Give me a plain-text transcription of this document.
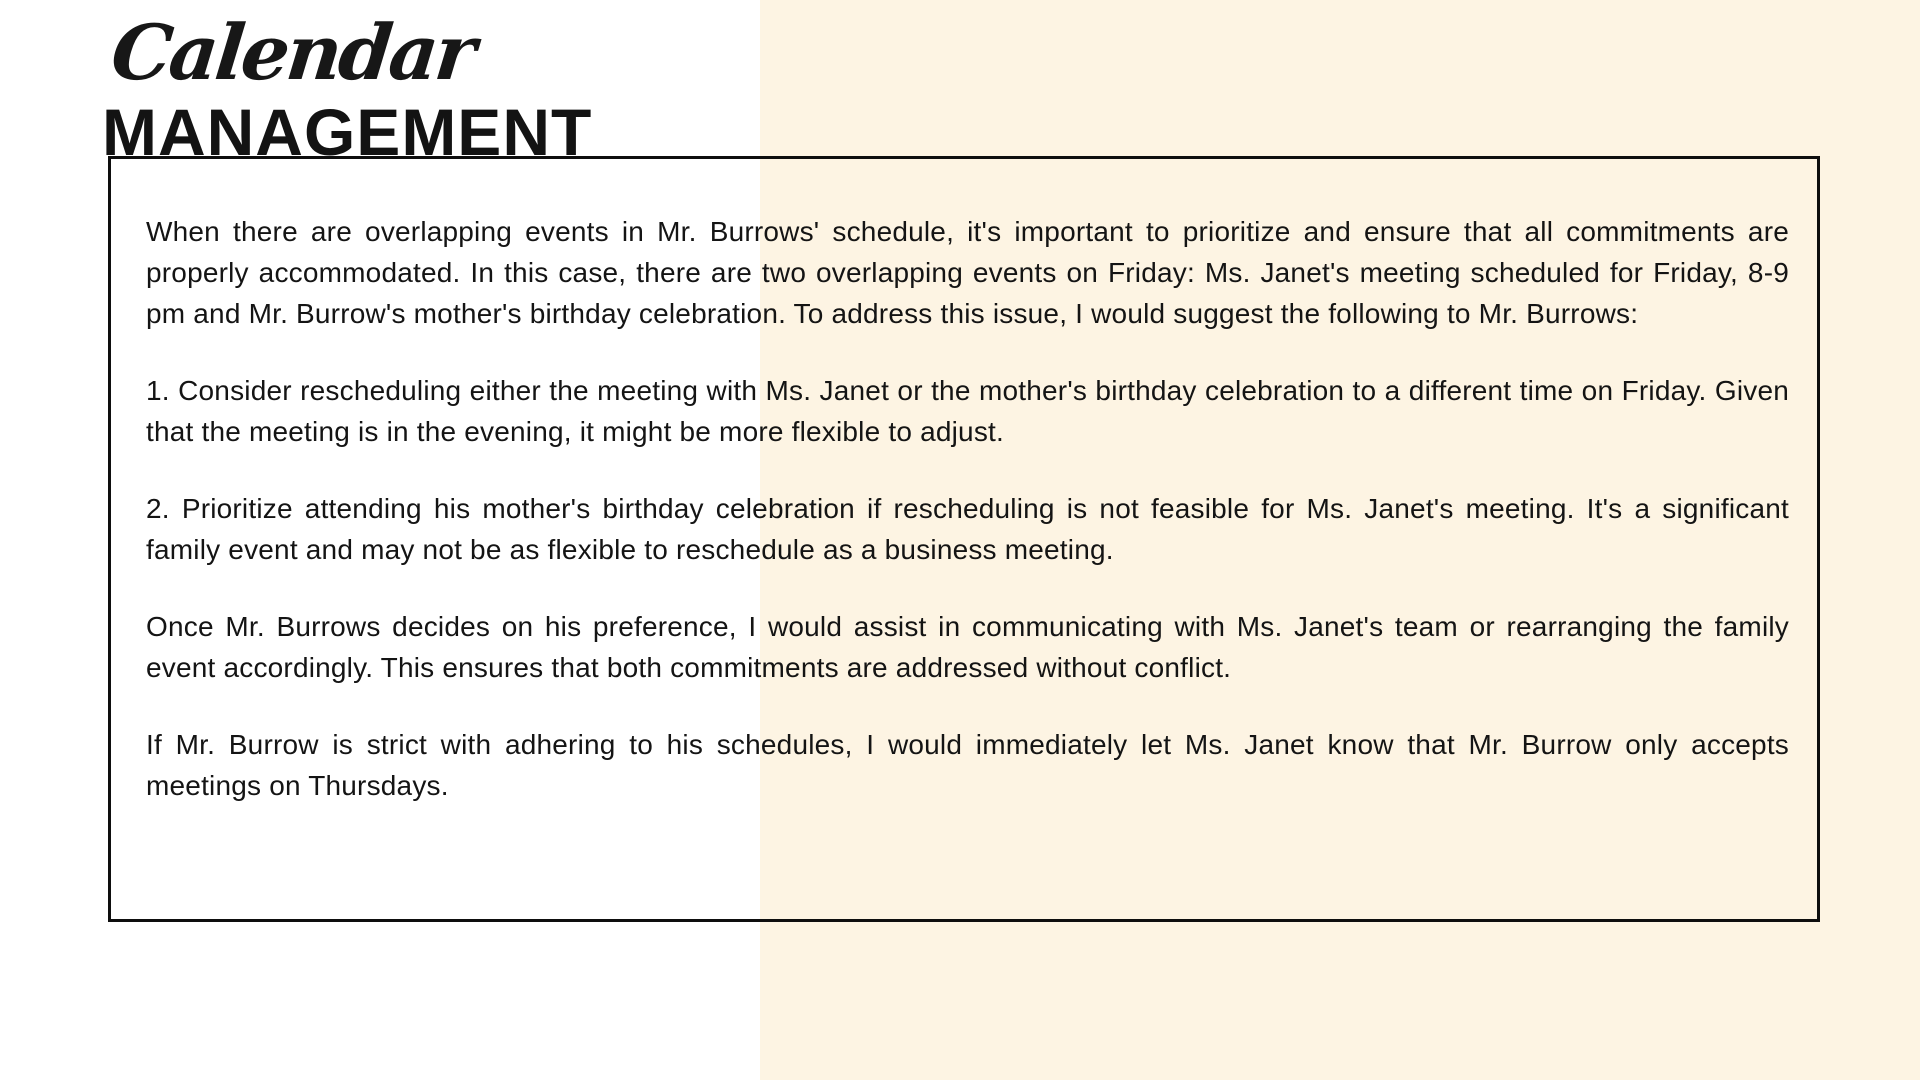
When there are overlapping events in Mr. Burrows' schedule, it's important to prioritize and ensure that all commitments are properly accommodated. In this case, there are two overlapping events on Friday: Ms. Janet's meeting scheduled for Friday, 8-9 pm and Mr. Burrow's mother's birthday celebration. To address this issue, I would suggest the following to Mr. Burrows:

1. Consider rescheduling either the meeting with Ms. Janet or the mother's birthday celebration to a different time on Friday. Given that the meeting is in the evening, it might be more flexible to adjust.

2. Prioritize attending his mother's birthday celebration if rescheduling is not feasible for Ms. Janet's meeting. It's a significant family event and may not be as flexible to reschedule as a business meeting.

Once Mr. Burrows decides on his preference, I would assist in communicating with Ms. Janet's team or rearranging the family event accordingly. This ensures that both commitments are addressed without conflict.

If Mr. Burrow is strict with adhering to his schedules, I would immediately let Ms. Janet know that Mr. Burrow only accepts meetings on Thursdays.

Calendar
MANAGEMENT
